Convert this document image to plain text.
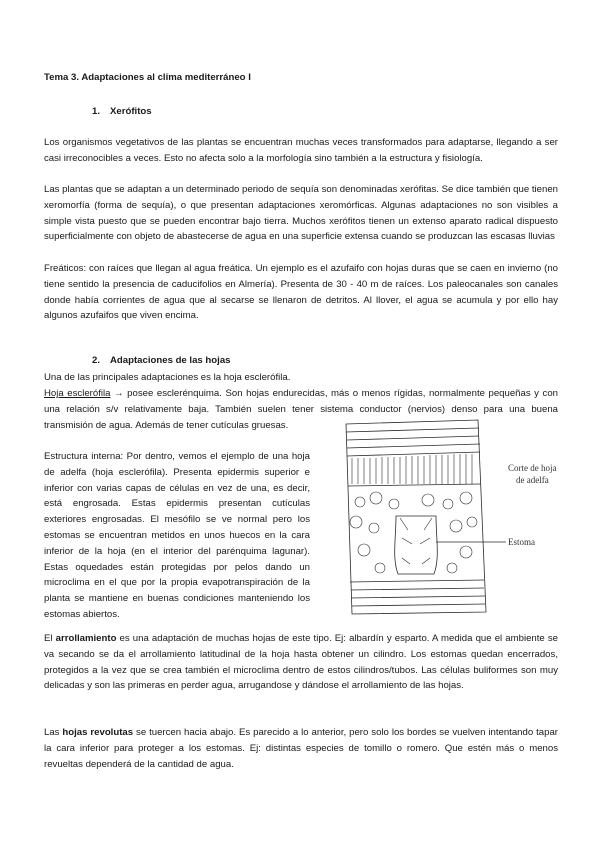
Tema 3. Adaptaciones al clima mediterráneo I
1. Xerófitos
Los organismos vegetativos de las plantas se encuentran muchas veces transformados para adaptarse, llegando a ser casi irreconocibles a veces. Esto no afecta solo a la morfología sino también a la estructura y fisiología.
Las plantas que se adaptan a un determinado periodo de sequía son denominadas xerófitas. Se dice también que tienen xeromorfía (forma de sequía), o que presentan adaptaciones xeromórficas. Algunas adaptaciones no son visibles a simple vista puesto que se pueden encontrar bajo tierra. Muchos xerófitos tienen un extenso aparato radical dispuesto superficialmente con objeto de abastecerse de agua en una superficie extensa cuando se produzcan las escasas lluvias
Freáticos: con raíces que llegan al agua freática. Un ejemplo es el azufaifo con hojas duras que se caen en invierno (no tiene sentido la presencia de caducifolios en Almería). Presenta de 30 - 40 m de raíces. Los paleocanales son canales donde había corrientes de agua que al secarse se llenaron de detritos. Al llover, el agua se acumula y por ello hay algunos azufaifos que viven encima.
2. Adaptaciones de las hojas
Una de las principales adaptaciones es la hoja esclerófila.
Hoja esclerófila → posee esclerénquima. Son hojas endurecidas, más o menos rígidas, normalmente pequeñas y con una relación s/v relativamente baja. También suelen tener sistema conductor (nervios) denso para una buena transmisión de agua. Además de tener cutículas gruesas.
Estructura interna: Por dentro, vemos el ejemplo de una hoja de adelfa (hoja esclerófila). Presenta epidermis superior e inferior con varias capas de células en vez de una, es decir, está engrosada. Estas epidermis presentan cutículas exteriores engrosadas. El mesófilo se ve normal pero los estomas se encuentran metidos en unos huecos en la cara inferior de la hoja (en el interior del parénquima lagunar). Estas oquedades están protegidas por pelos dando un microclima en el que por la propia evapotranspiración de la planta se mantiene en buenas condiciones manteniendo los estomas abiertos.
Corte de hoja
de adelfa
Estoma
El arrollamiento es una adaptación de muchas hojas de este tipo. Ej: albardín y esparto. A medida que el ambiente se va secando se da el arrollamiento latitudinal de la hoja hasta obtener un cilindro. Los estomas quedan encerrados, protegidos a la vez que se crea también el microclima dentro de estos cilindros/tubos. Las células buliformes son muy delicadas y son las primeras en perder agua, arrugandose y dándose el arrollamiento de las hojas.
Las hojas revolutas se tuercen hacia abajo. Es parecido a lo anterior, pero solo los bordes se vuelven intentando tapar la cara inferior para proteger a los estomas. Ej: distintas especies de tomillo o romero. Que estén más o menos revueltas dependerá de la cantidad de agua.
